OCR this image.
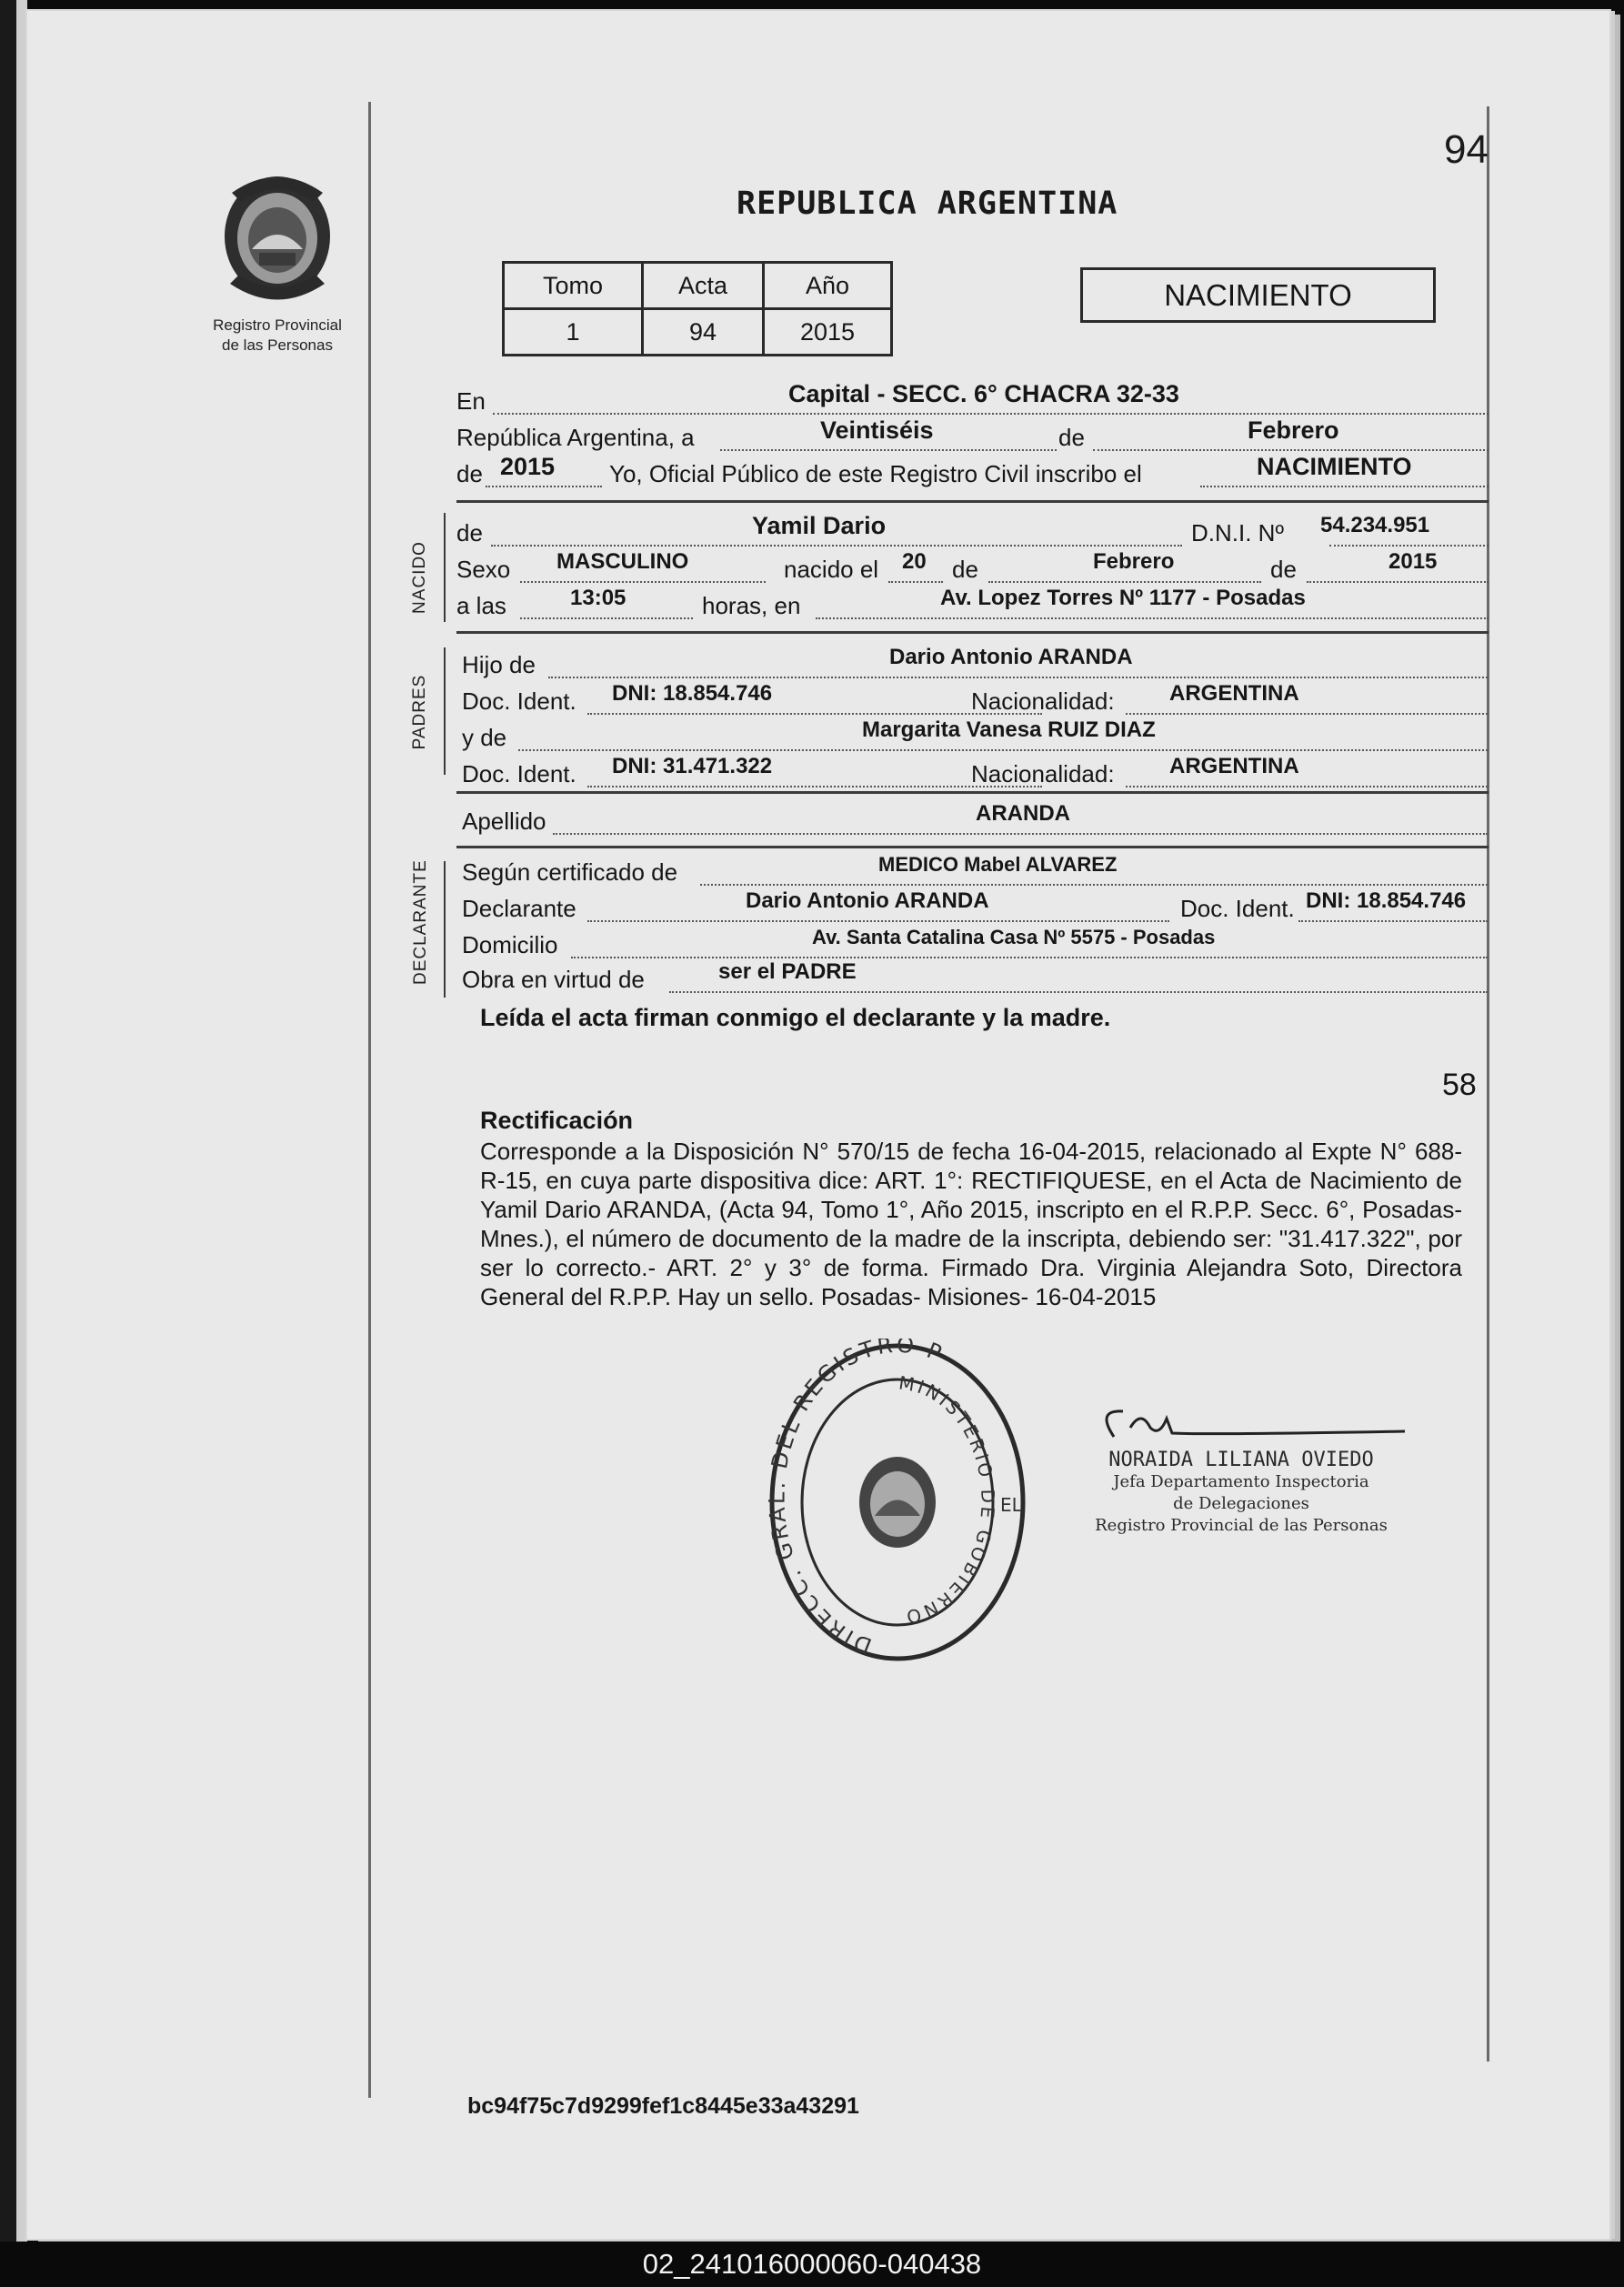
Registro Provincial
de las Personas
REPUBLICA ARGENTINA
94
Tomo	Acta	Año
1	94	2015
NACIMIENTO
En	Capital - SECC. 6° CHACRA 32-33
República Argentina, a	Veintiséis	de	Febrero
de 2015 Yo, Oficial Público de este Registro Civil inscribo el	NACIMIENTO
NACIDO
de	Yamil Dario	D.N.I. Nº 54.234.951
Sexo MASCULINO	nacido el 20 de	Febrero	de	2015
a las	13:05	horas, en	Av. Lopez Torres Nº 1177 - Posadas
PADRES
Hijo de	Dario Antonio ARANDA
Doc. Ident. DNI: 18.854.746	Nacionalidad:	ARGENTINA
y de	Margarita Vanesa RUIZ DIAZ
Doc. Ident. DNI: 31.471.322	Nacionalidad:	ARGENTINA
Apellido	ARANDA
DECLARANTE Según certificado de	MEDICO Mabel ALVAREZ
Declarante	Dario Antonio ARANDA	Doc. Ident. DNI: 18.854.746
Domicilio	Av. Santa Catalina Casa Nº 5575 - Posadas
Obra en virtud de	ser el PADRE
Leída el acta firman conmigo el declarante y la madre.
58
Rectificación
Corresponde a la Disposición N° 570/15 de fecha 16-04-2015, relacionado al Expte N° 688-R-15, en cuya parte dispositiva dice: ART. 1°: RECTIFIQUESE, en el Acta de Nacimiento de Yamil Dario ARANDA, (Acta 94, Tomo 1°, Año 2015, inscripto en el R.P.P. Secc. 6°, Posadas-Mnes.), el número de documento de la madre de la inscripta, debiendo ser: "31.417.322", por ser lo correcto.- ART. 2° y 3° de forma. Firmado Dra. Virginia Alejandra Soto, Directora General del R.P.P. Hay un sello. Posadas- Misiones- 16-04-2015
DIRECC. GRAL. DEL REGISTRO P
MINISTERIO DE GOBIERNO
EL
NORAIDA LILIANA OVIEDO
Jefa Departamento Inspectoria
de Delegaciones
Registro Provincial de las Personas
bc94f75c7d9299fef1c8445e33a43291
02_241016000060-040438
